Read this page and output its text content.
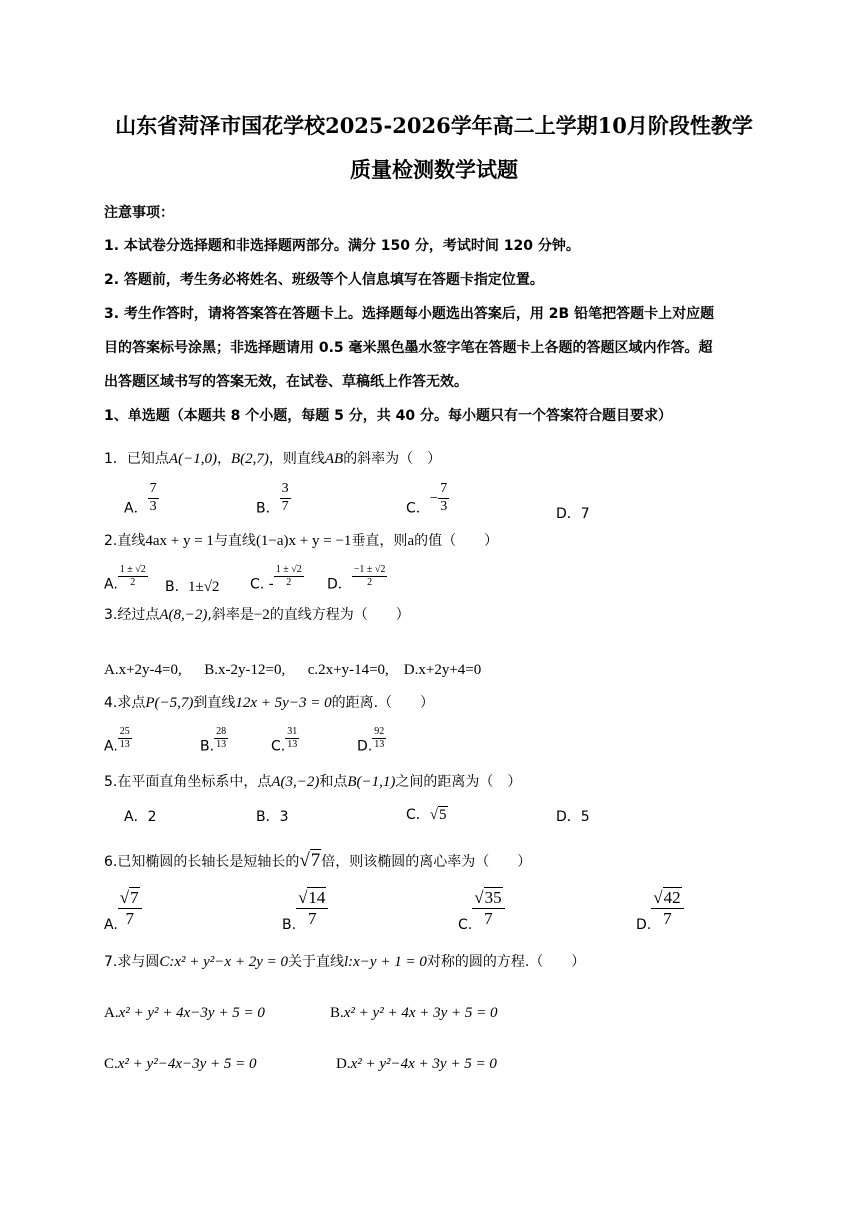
山东省菏泽市国花学校2025-2026学年高二上学期10月阶段性教学
质量检测数学试题
注意事项：
1. 本试卷分选择题和非选择题两部分。满分 150 分，考试时间 120 分钟。
2. 答题前，考生务必将姓名、班级等个人信息填写在答题卡指定位置。
3. 考生作答时，请将答案答在答题卡上。选择题每小题选出答案后，用 2B 铅笔把答题卡上对应题
目的答案标号涂黑；非选择题请用 0.5 毫米黑色墨水签字笔在答题卡上各题的答题区域内作答。超
出答题区域书写的答案无效，在试卷、草稿纸上作答无效。
1、单选题（本题共 8 个小题，每题 5 分，共 40 分。每小题只有一个答案符合题目要求）
1．已知点A(−1,0)，B(2,7)，则直线AB的斜率为（　）
A． $\frac{7}{3}$	B． $\frac{3}{7}$	C．− $\frac{7}{3}$	D．7
2.直线4ax + y = 1与直线(1−a)x + y = −1垂直，则a的值（　　）
A. $\frac{1 \pm √2}{2} B$. 1±√2 C. - $\frac{1 \pm √2}{2}$ D． $\frac{-1 \pm √2}{2}$
3.经过点A(8,−2),斜率是−2的直线方程为（　　）
A.x+2y-4=0,      B.x-2y-12=0,      c.2x+y-14=0,    D.x+2y+4=0
4.求点P(−5,7)到直线12x + 5y−3 = 0的距离.（　　）
A. $\frac{25}{13}$	B. $\frac{28}{13}$	C. $\frac{31}{13}$	D. $\frac{92}{13}$
5.在平面直角坐标系中，点A(3,−2)和点B(−1,1)之间的距离为（　）
A．2	B．3	C．√5	D．5
6.已知椭圆的长轴长是短轴长的√7倍，则该椭圆的离心率为（　　）
A. $\frac{√7}{7}$	B. $\frac{√14}{7}$	C. $\frac{√35}{7}$	D. $\frac{√42}{7}$
7.求与圆C:x² + y²−x + 2y = 0关于直线l:x−y + 1 = 0对称的圆的方程.（　　）
A.x² + y² + 4x−3y + 5 = 0	B.x² + y² + 4x + 3y + 5 = 0
C.x² + y²−4x−3y + 5 = 0	D.x² + y²−4x + 3y + 5 = 0
